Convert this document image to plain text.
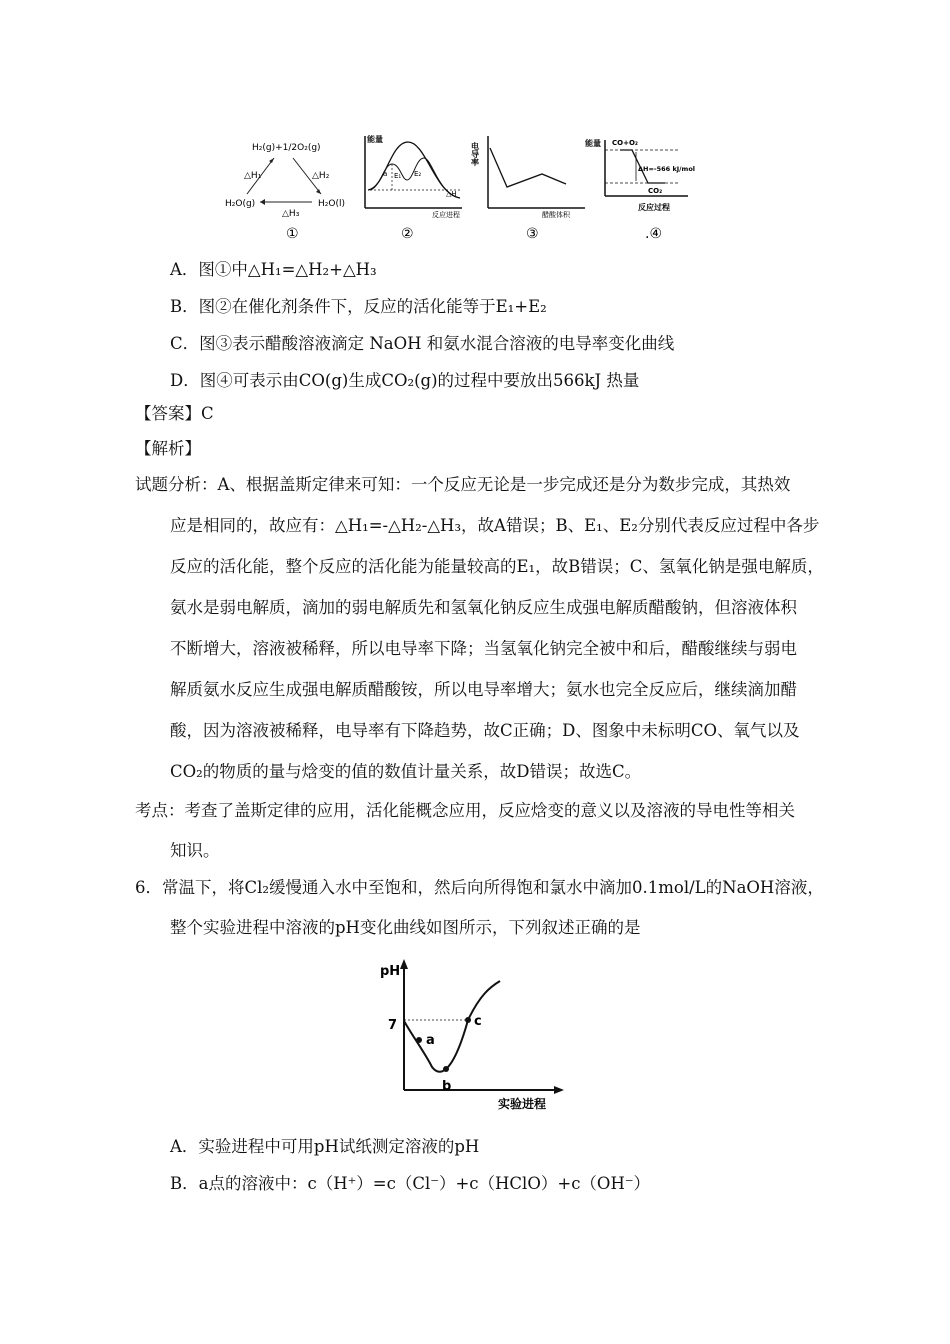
H₂(g)+1/2O₂(g)
H₂O(g)	H₂O(l)
△H₁	△H₂
△H₃
能量
a E₁ E₂
△H
反应进程
电导率
醋酸体积
能量 CO+O₂
ΔH=-566 kJ/mol
CO₂
反应过程
①	②	③	.④
A．图①中△H₁=△H₂+△H₃
B．图②在催化剂条件下，反应的活化能等于E₁+E₂
C．图③表示醋酸溶液滴定 NaOH 和氨水混合溶液的电导率变化曲线
D．图④可表示由CO(g)生成CO₂(g)的过程中要放出566kJ 热量
【答案】C
【解析】
试题分析：A、根据盖斯定律来可知：一个反应无论是一步完成还是分为数步完成，其热效
应是相同的，故应有：△H₁=-△H₂-△H₃，故A错误；B、E₁、E₂分别代表反应过程中各步
反应的活化能，整个反应的活化能为能量较高的E₁，故B错误；C、氢氧化钠是强电解质，
氨水是弱电解质，滴加的弱电解质先和氢氧化钠反应生成强电解质醋酸钠，但溶液体积
不断增大，溶液被稀释，所以电导率下降；当氢氧化钠完全被中和后，醋酸继续与弱电
解质氨水反应生成强电解质醋酸铵，所以电导率增大；氨水也完全反应后，继续滴加醋
酸，因为溶液被稀释，电导率有下降趋势，故C正确；D、图象中未标明CO、氧气以及
CO₂的物质的量与焓变的值的数值计量关系，故D错误；故选C。
考点：考查了盖斯定律的应用，活化能概念应用，反应焓变的意义以及溶液的导电性等相关
知识。
6．常温下，将Cl₂缓慢通入水中至饱和，然后向所得饱和氯水中滴加0.1mol/L的NaOH溶液，
整个实验进程中溶液的pH变化曲线如图所示，下列叙述正确的是
pH
7
a
b
c
实验进程
A．实验进程中可用pH试纸测定溶液的pH
B．a点的溶液中：c（H⁺）=c（Cl⁻）+c（HClO）+c（OH⁻）
